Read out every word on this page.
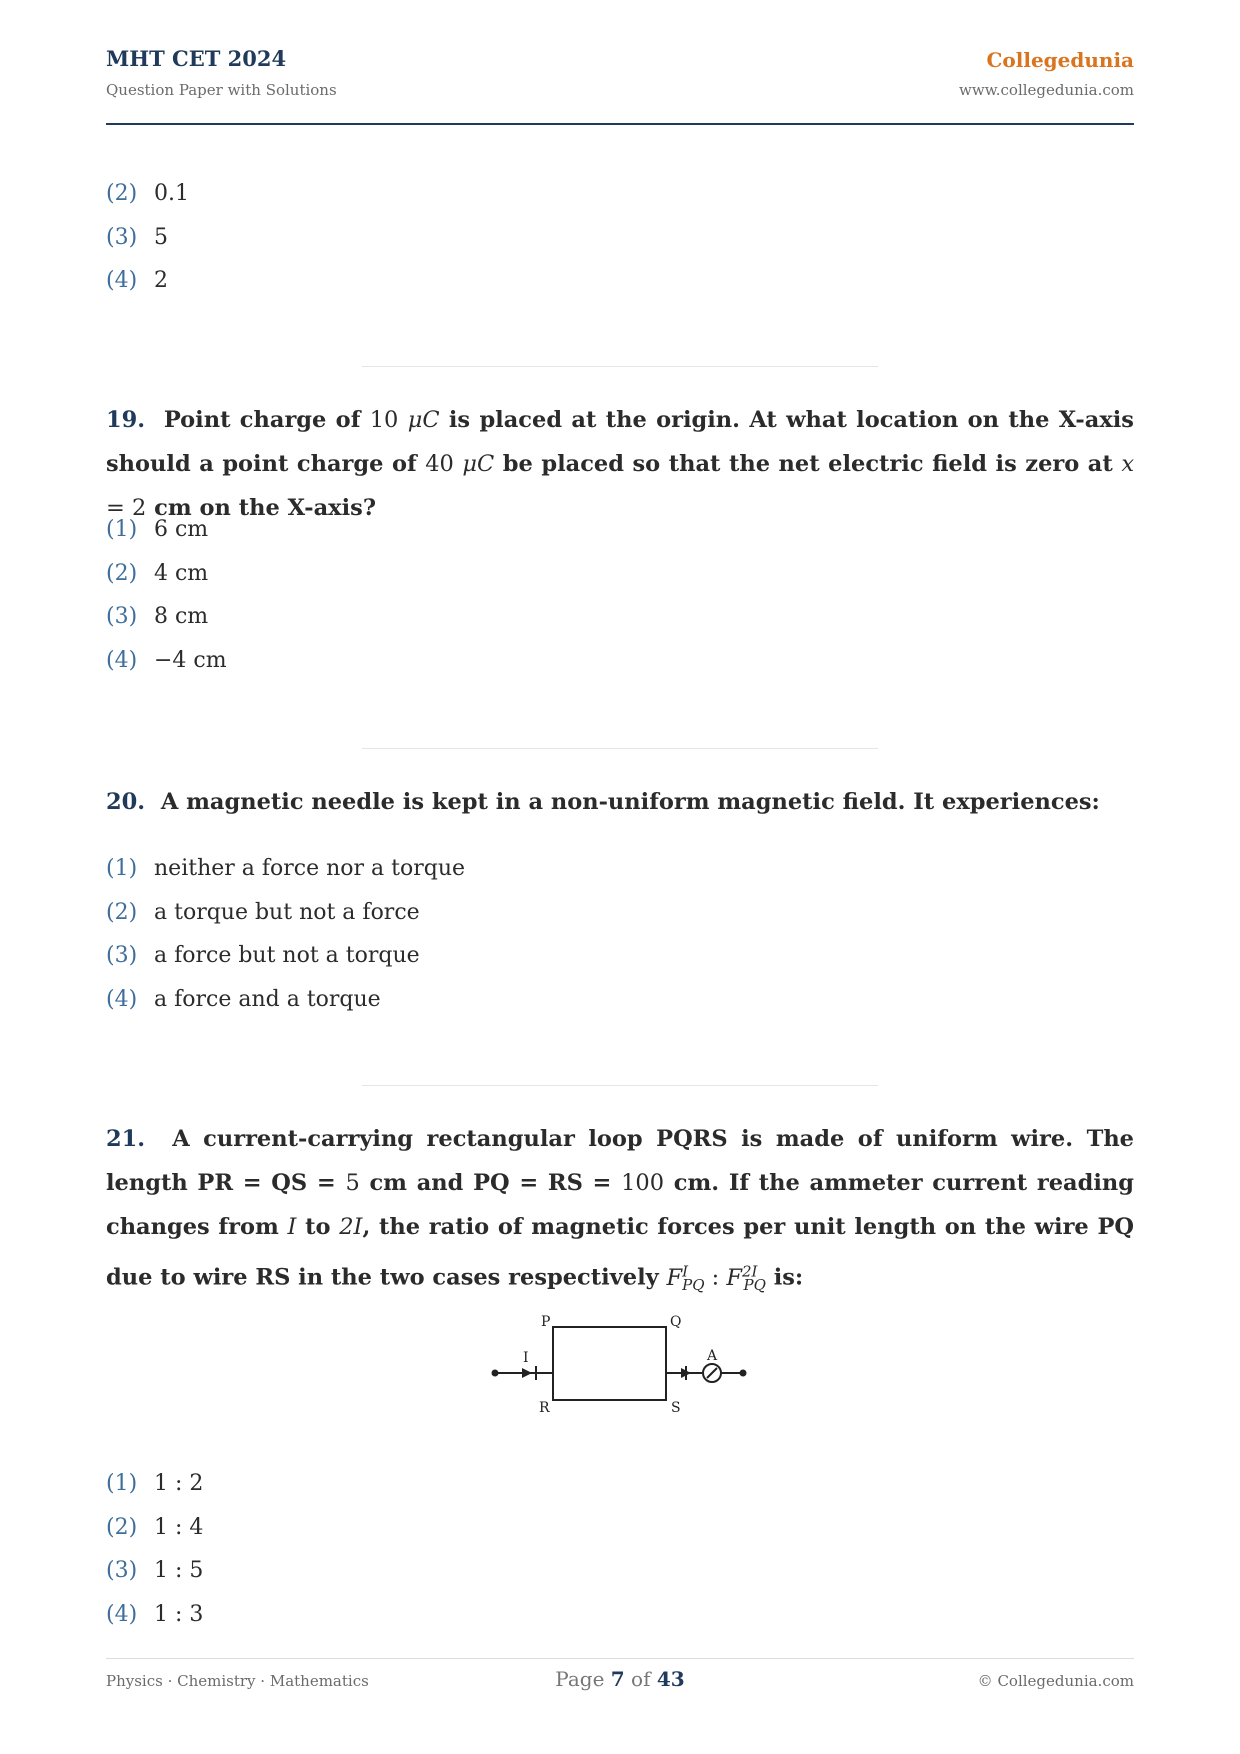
MHT CET 2024
Question Paper with Solutions
Collegedunia
www.collegedunia.com
(2) 0.1
(3) 5
(4) 2
19. Point charge of 10 μC is placed at the origin. At what location on the X-axis should a point charge of 40 μC be placed so that the net electric field is zero at x = 2 cm on the X-axis?
(1) 6 cm
(2) 4 cm
(3) 8 cm
(4) −4 cm
20. A magnetic needle is kept in a non-uniform magnetic field. It experiences:
(1) neither a force nor a torque
(2) a torque but not a force
(3) a force but not a torque
(4) a force and a torque
21. A current-carrying rectangular loop PQRS is made of uniform wire. The length PR = QS = 5 cm and PQ = RS = 100 cm. If the ammeter current reading changes from I to 2I, the ratio of magnetic forces per unit length on the wire PQ due to wire RS in the two cases respectively $F^I_{PQ}$ : $F^{2I}_{PQ}$ is:
P	Q
R	S
I	A
(1) 1 : 2
(2) 1 : 4
(3) 1 : 5
(4) 1 : 3
Physics · Chemistry · Mathematics	Page 7 of 43	© Collegedunia.com
